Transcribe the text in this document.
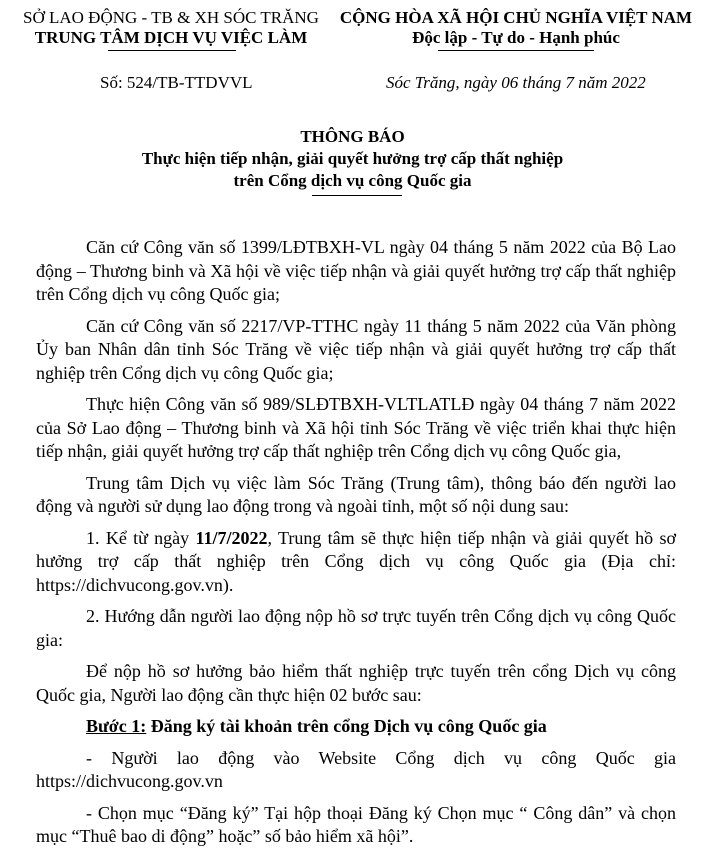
SỞ LAO ĐỘNG - TB & XH SÓC TRĂNG
TRUNG TÂM DỊCH VỤ VIỆC LÀM
CỘNG HÒA XÃ HỘI CHỦ NGHĨA VIỆT NAM
Độc lập - Tự do - Hạnh phúc
Số: 524/TB-TTDVVL	Sóc Trăng, ngày 06 tháng 7 năm 2022
THÔNG BÁO
Thực hiện tiếp nhận, giải quyết hưởng trợ cấp thất nghiệp
trên Cổng dịch vụ công Quốc gia

Căn cứ Công văn số 1399/LĐTBXH-VL ngày 04 tháng 5 năm 2022 của Bộ Lao động – Thương binh và Xã hội về việc tiếp nhận và giải quyết hưởng trợ cấp thất nghiệp trên Cổng dịch vụ công Quốc gia;

Căn cứ Công văn số 2217/VP-TTHC ngày 11 tháng 5 năm 2022 của Văn phòng Ủy ban Nhân dân tỉnh Sóc Trăng về việc tiếp nhận và giải quyết hưởng trợ cấp thất nghiệp trên Cổng dịch vụ công Quốc gia;

Thực hiện Công văn số 989/SLĐTBXH-VLTLATLĐ ngày 04 tháng 7 năm 2022 của Sở Lao động – Thương binh và Xã hội tỉnh Sóc Trăng về việc triển khai thực hiện tiếp nhận, giải quyết hưởng trợ cấp thất nghiệp trên Cổng dịch vụ công Quốc gia,

Trung tâm Dịch vụ việc làm Sóc Trăng (Trung tâm), thông báo đến người lao động và người sử dụng lao động trong và ngoài tỉnh, một số nội dung sau:

1. Kể từ ngày 11/7/2022, Trung tâm sẽ thực hiện tiếp nhận và giải quyết hồ sơ hưởng trợ cấp thất nghiệp trên Cổng dịch vụ công Quốc gia (Địa chỉ: https://dichvucong.gov.vn).

2. Hướng dẫn người lao động nộp hồ sơ trực tuyến trên Cổng dịch vụ công Quốc gia:

Để nộp hồ sơ hưởng bảo hiểm thất nghiệp trực tuyến trên cổng Dịch vụ công Quốc gia, Người lao động cần thực hiện 02 bước sau:

Bước 1: Đăng ký tài khoản trên cổng Dịch vụ công Quốc gia

- Người lao động vào Website Cổng dịch vụ công Quốc gia https://dichvucong.gov.vn

- Chọn mục “Đăng ký” Tại hộp thoại Đăng ký Chọn mục “ Công dân” và chọn mục “Thuê bao di động” hoặc” số bảo hiểm xã hội”.
